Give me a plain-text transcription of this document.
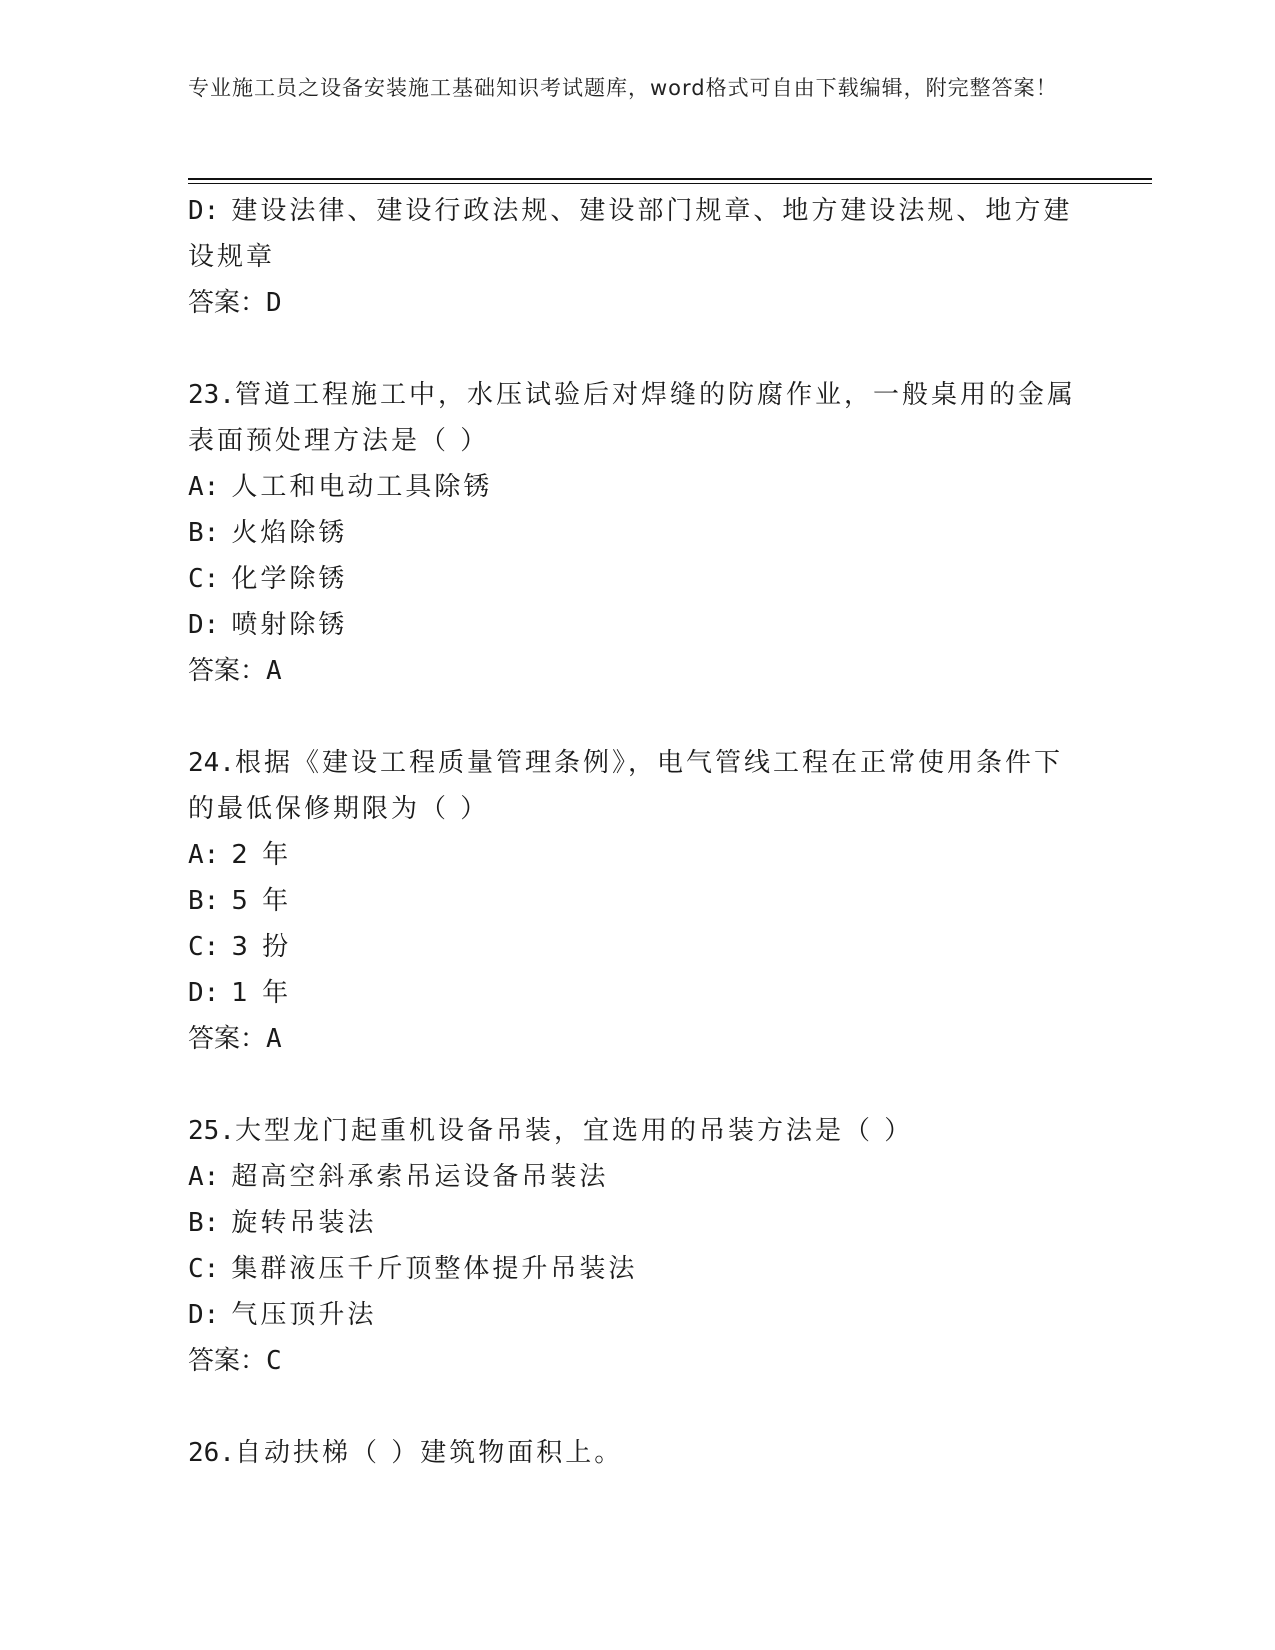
专业施工员之设备安装施工基础知识考试题库，word格式可自由下载编辑，附完整答案！
D: 建设法律、建设行政法规、建设部门规章、地方建设法规、地方建
设规章
答案：D
23.管道工程施工中，水压试验后对焊缝的防腐作业，一般桌用的金属
表面预处理方法是（ ）
A: 人工和电动工具除锈
B: 火焰除锈
C: 化学除锈
D: 喷射除锈
答案：A
24.根据《建设工程质量管理条例》，电气管线工程在正常使用条件下
的最低保修期限为（ ）
A: 2 年
B: 5 年
C: 3 扮
D: 1 年
答案：A
25.大型龙门起重机设备吊装，宜选用的吊装方法是（ ）
A: 超高空斜承索吊运设备吊装法
B: 旋转吊装法
C: 集群液压千斤顶整体提升吊装法
D: 气压顶升法
答案：C
26.自动扶梯（ ）建筑物面积上。
